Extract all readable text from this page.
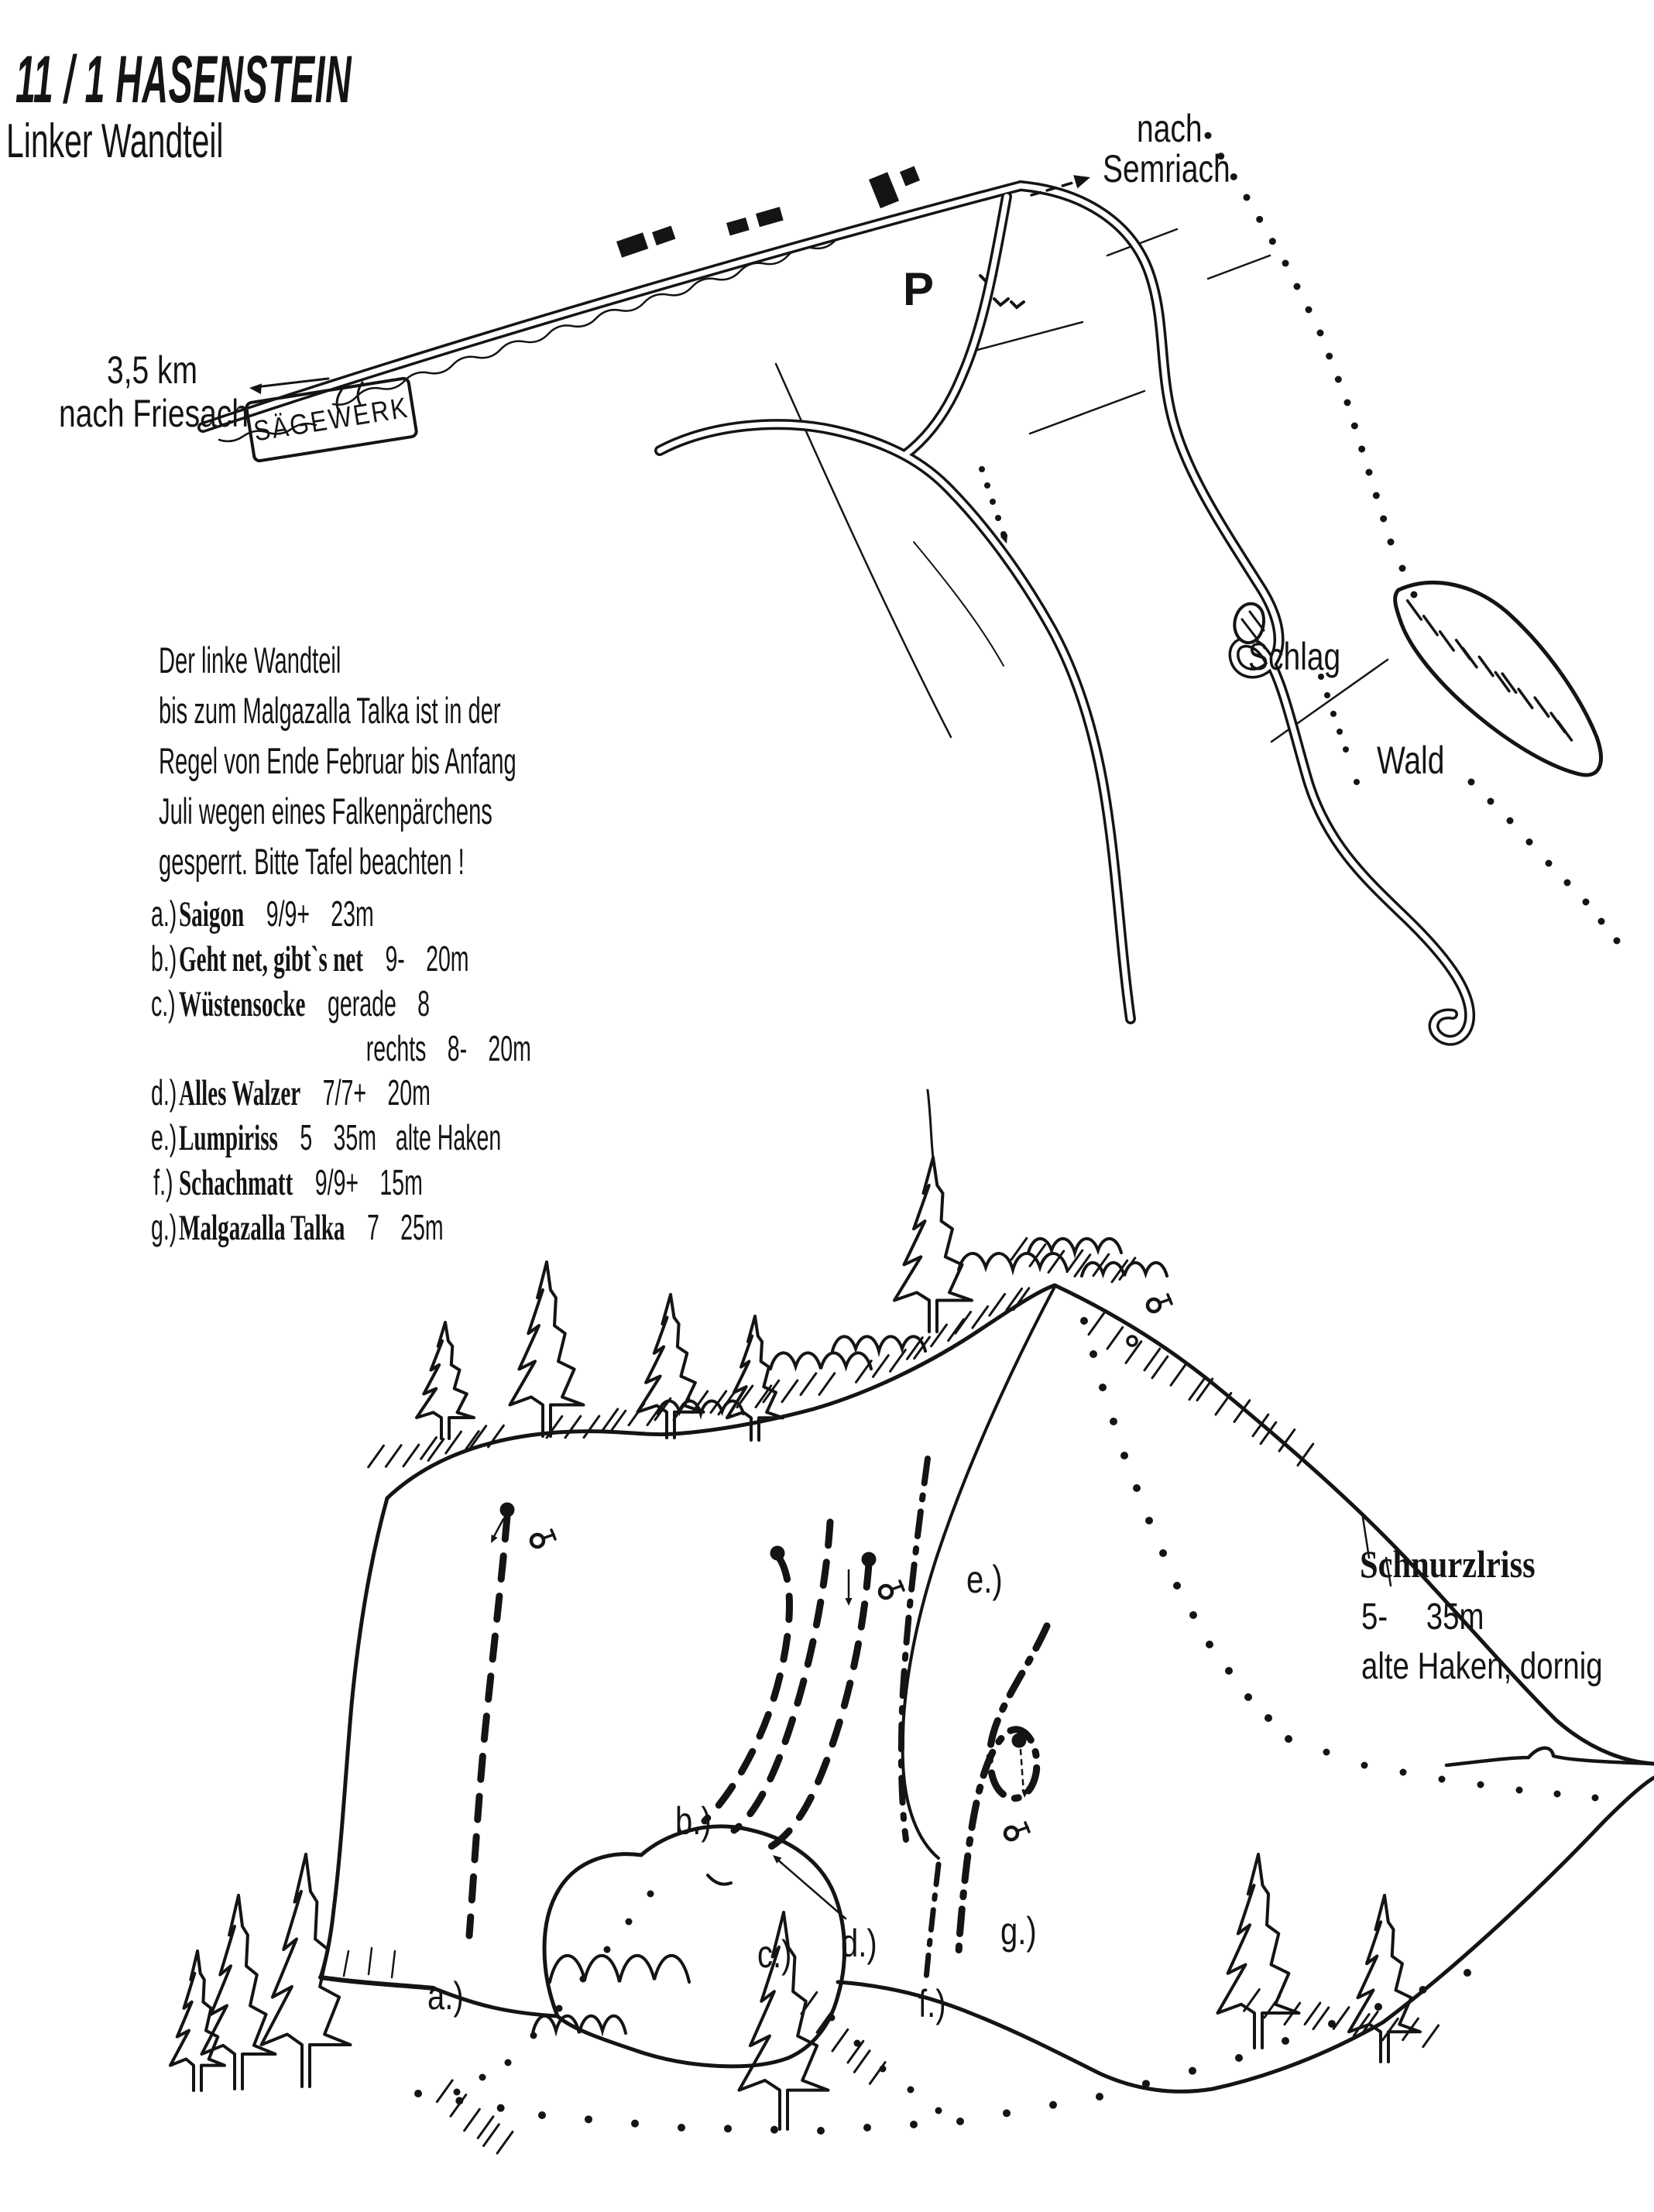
11 / 1 HASENSTEIN
Linker Wandteil	nach
Semriach
3,5 km
nach Friesach SÄGEWERK
P
Schlag
Wald
Der linke Wandteil
bis zum Malgazalla Talka ist in der
Regel von Ende Februar bis Anfang
Juli wegen eines Falkenpärchens
gesperrt. Bitte Tafel beachten !
a.)Saigon 9/9+ 23m
b.)Geht net, gibt`s net 9- 20m
c.)Wüstensocke gerade 8
rechts 8- 20m
d.)Alles Walzer 7/7+ 20m
e.)Lumpiriss 5 35m alte Haken
f.) Schachmatt 9/9+ 15m
g.)Malgazalla Talka 7 25m
a.)
b.)
c.) d.)
e.)
f.)
g.)
Schnurzlriss
5- 35m
alte Haken, dornig
